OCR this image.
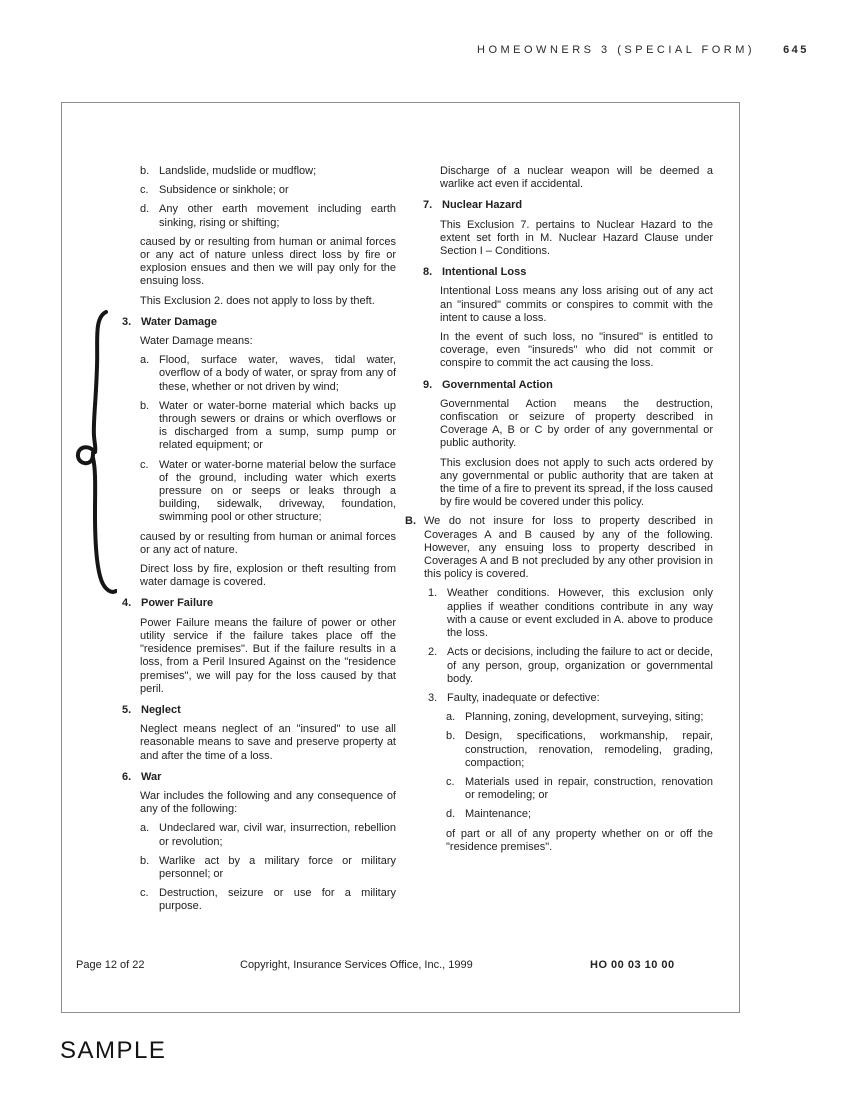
HOMEOWNERS 3 (SPECIAL FORM)	645
b. Landslide, mudslide or mudflow;
c. Subsidence or sinkhole; or
d. Any other earth movement including earth sinking, rising or shifting;
caused by or resulting from human or animal forces or any act of nature unless direct loss by fire or explosion ensues and then we will pay only for the ensuing loss.
This Exclusion 2. does not apply to loss by theft.
3. Water Damage
Water Damage means:
a. Flood, surface water, waves, tidal water, overflow of a body of water, or spray from any of these, whether or not driven by wind;
b. Water or water-borne material which backs up through sewers or drains or which overflows or is discharged from a sump, sump pump or related equipment; or
c. Water or water-borne material below the surface of the ground, including water which exerts pressure on or seeps or leaks through a building, sidewalk, driveway, foundation, swimming pool or other structure;
caused by or resulting from human or animal forces or any act of nature.
Direct loss by fire, explosion or theft resulting from water damage is covered.
4. Power Failure
Power Failure means the failure of power or other utility service if the failure takes place off the "residence premises". But if the failure results in a loss, from a Peril Insured Against on the "residence premises", we will pay for the loss caused by that peril.
5. Neglect
Neglect means neglect of an "insured" to use all reasonable means to save and preserve property at and after the time of a loss.
6. War
War includes the following and any consequence of any of the following:
a. Undeclared war, civil war, insurrection, rebellion or revolution;
b. Warlike act by a military force or military personnel; or
c. Destruction, seizure or use for a military purpose.
Discharge of a nuclear weapon will be deemed a warlike act even if accidental.
7. Nuclear Hazard
This Exclusion 7. pertains to Nuclear Hazard to the extent set forth in M. Nuclear Hazard Clause under Section I – Conditions.
8. Intentional Loss
Intentional Loss means any loss arising out of any act an "insured" commits or conspires to commit with the intent to cause a loss.
In the event of such loss, no "insured" is entitled to coverage, even "insureds" who did not commit or conspire to commit the act causing the loss.
9. Governmental Action
Governmental Action means the destruction, confiscation or seizure of property described in Coverage A, B or C by order of any governmental or public authority.
This exclusion does not apply to such acts ordered by any governmental or public authority that are taken at the time of a fire to prevent its spread, if the loss caused by fire would be covered under this policy.
B. We do not insure for loss to property described in Coverages A and B caused by any of the following. However, any ensuing loss to property described in Coverages A and B not precluded by any other provision in this policy is covered.
1. Weather conditions. However, this exclusion only applies if weather conditions contribute in any way with a cause or event excluded in A. above to produce the loss.
2. Acts or decisions, including the failure to act or decide, of any person, group, organization or governmental body.
3. Faulty, inadequate or defective:
a. Planning, zoning, development, surveying, siting;
b. Design, specifications, workmanship, repair, construction, renovation, remodeling, grading, compaction;
c. Materials used in repair, construction, renovation or remodeling; or
d. Maintenance;
of part or all of any property whether on or off the "residence premises".
Page 12 of 22	Copyright, Insurance Services Office, Inc., 1999	HO 00 03 10 00
SAMPLE
